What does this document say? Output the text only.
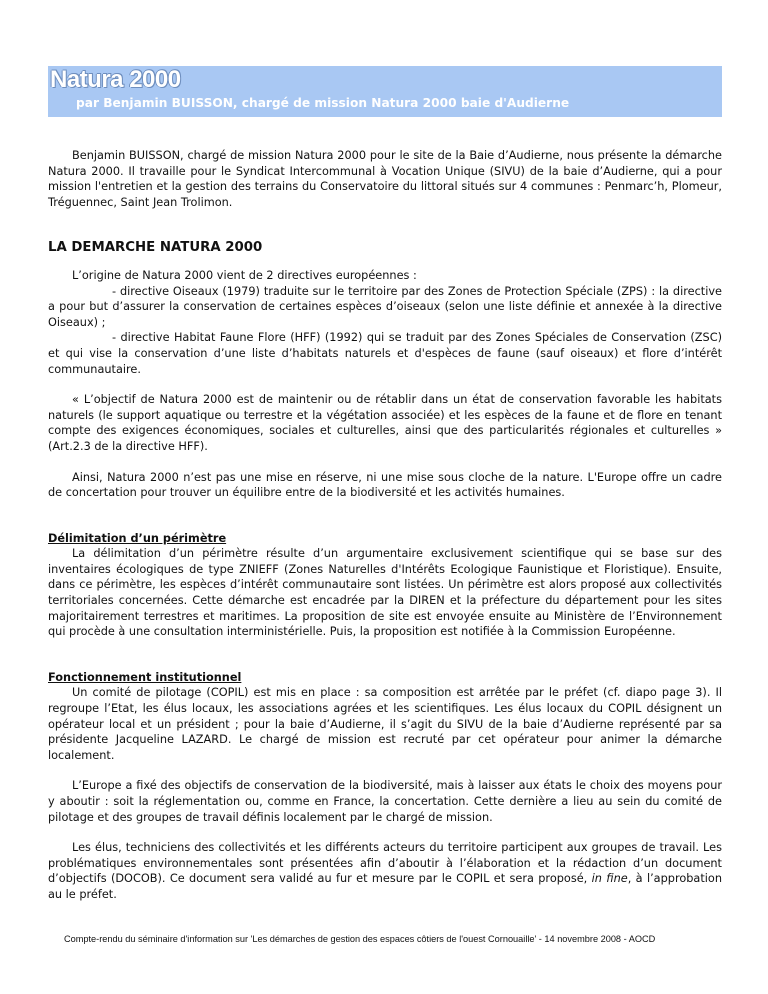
Natura 2000
par Benjamin BUISSON, chargé de mission Natura 2000 baie d'Audierne

Benjamin BUISSON, chargé de mission Natura 2000 pour le site de la Baie d’Audierne, nous présente la démarche Natura 2000. Il travaille pour le Syndicat Intercommunal à Vocation Unique (SIVU) de la baie d’Audierne, qui a pour mission l'entretien et la gestion des terrains du Conservatoire du littoral situés sur 4 communes : Penmarc’h, Plomeur, Tréguennec, Saint Jean Trolimon.

LA DEMARCHE NATURA 2000

L’origine de Natura 2000 vient de 2 directives européennes :

- directive Oiseaux (1979) traduite sur le territoire par des Zones de Protection Spéciale (ZPS) : la directive a pour but d’assurer la conservation de certaines espèces d’oiseaux (selon une liste définie et annexée à la directive Oiseaux) ;

- directive Habitat Faune Flore (HFF) (1992) qui se traduit par des Zones Spéciales de Conservation (ZSC) et qui vise la conservation d’une liste d’habitats naturels et d'espèces de faune (sauf oiseaux) et flore d’intérêt communautaire.

« L’objectif de Natura 2000 est de maintenir ou de rétablir dans un état de conservation favorable les habitats naturels (le support aquatique ou terrestre et la végétation associée) et les espèces de la faune et de flore en tenant compte des exigences économiques, sociales et culturelles, ainsi que des particularités régionales et culturelles » (Art.2.3 de la directive HFF).

Ainsi, Natura 2000 n’est pas une mise en réserve, ni une mise sous cloche de la nature. L'Europe offre un cadre de concertation pour trouver un équilibre entre de la biodiversité et les activités humaines.

Délimitation d’un périmètre

La délimitation d’un périmètre résulte d’un argumentaire exclusivement scientifique qui se base sur des inventaires écologiques de type ZNIEFF (Zones Naturelles d'Intérêts Ecologique Faunistique et Floristique). Ensuite, dans ce périmètre, les espèces d’intérêt communautaire sont listées. Un périmètre est alors proposé aux collectivités territoriales concernées. Cette démarche est encadrée par la DIREN et la préfecture du département pour les sites majoritairement terrestres et maritimes. La proposition de site est envoyée ensuite au Ministère de l’Environnement qui procède à une consultation interministérielle. Puis, la proposition est notifiée à la Commission Européenne.

Fonctionnement institutionnel

Un comité de pilotage (COPIL) est mis en place : sa composition est arrêtée par le préfet (cf. diapo page 3). Il regroupe l’Etat, les élus locaux, les associations agrées et les scientifiques. Les élus locaux du COPIL désignent un opérateur local et un président ; pour la baie d’Audierne, il s’agit du SIVU de la baie d’Audierne représenté par sa présidente Jacqueline LAZARD. Le chargé de mission est recruté par cet opérateur pour animer la démarche localement.

L’Europe a fixé des objectifs de conservation de la biodiversité, mais à laisser aux états le choix des moyens pour y aboutir : soit la réglementation ou, comme en France, la concertation. Cette dernière a lieu au sein du comité de pilotage et des groupes de travail définis localement par le chargé de mission.

Les élus, techniciens des collectivités et les différents acteurs du territoire participent aux groupes de travail. Les problématiques environnementales sont présentées afin d’aboutir à l’élaboration et la rédaction d’un document d’objectifs (DOCOB). Ce document sera validé au fur et mesure par le COPIL et sera proposé, in fine, à l’approbation au le préfet.

Compte-rendu du séminaire d'information sur 'Les démarches de gestion des espaces côtiers de l'ouest Cornouaille' - 14 novembre 2008 - AOCD
